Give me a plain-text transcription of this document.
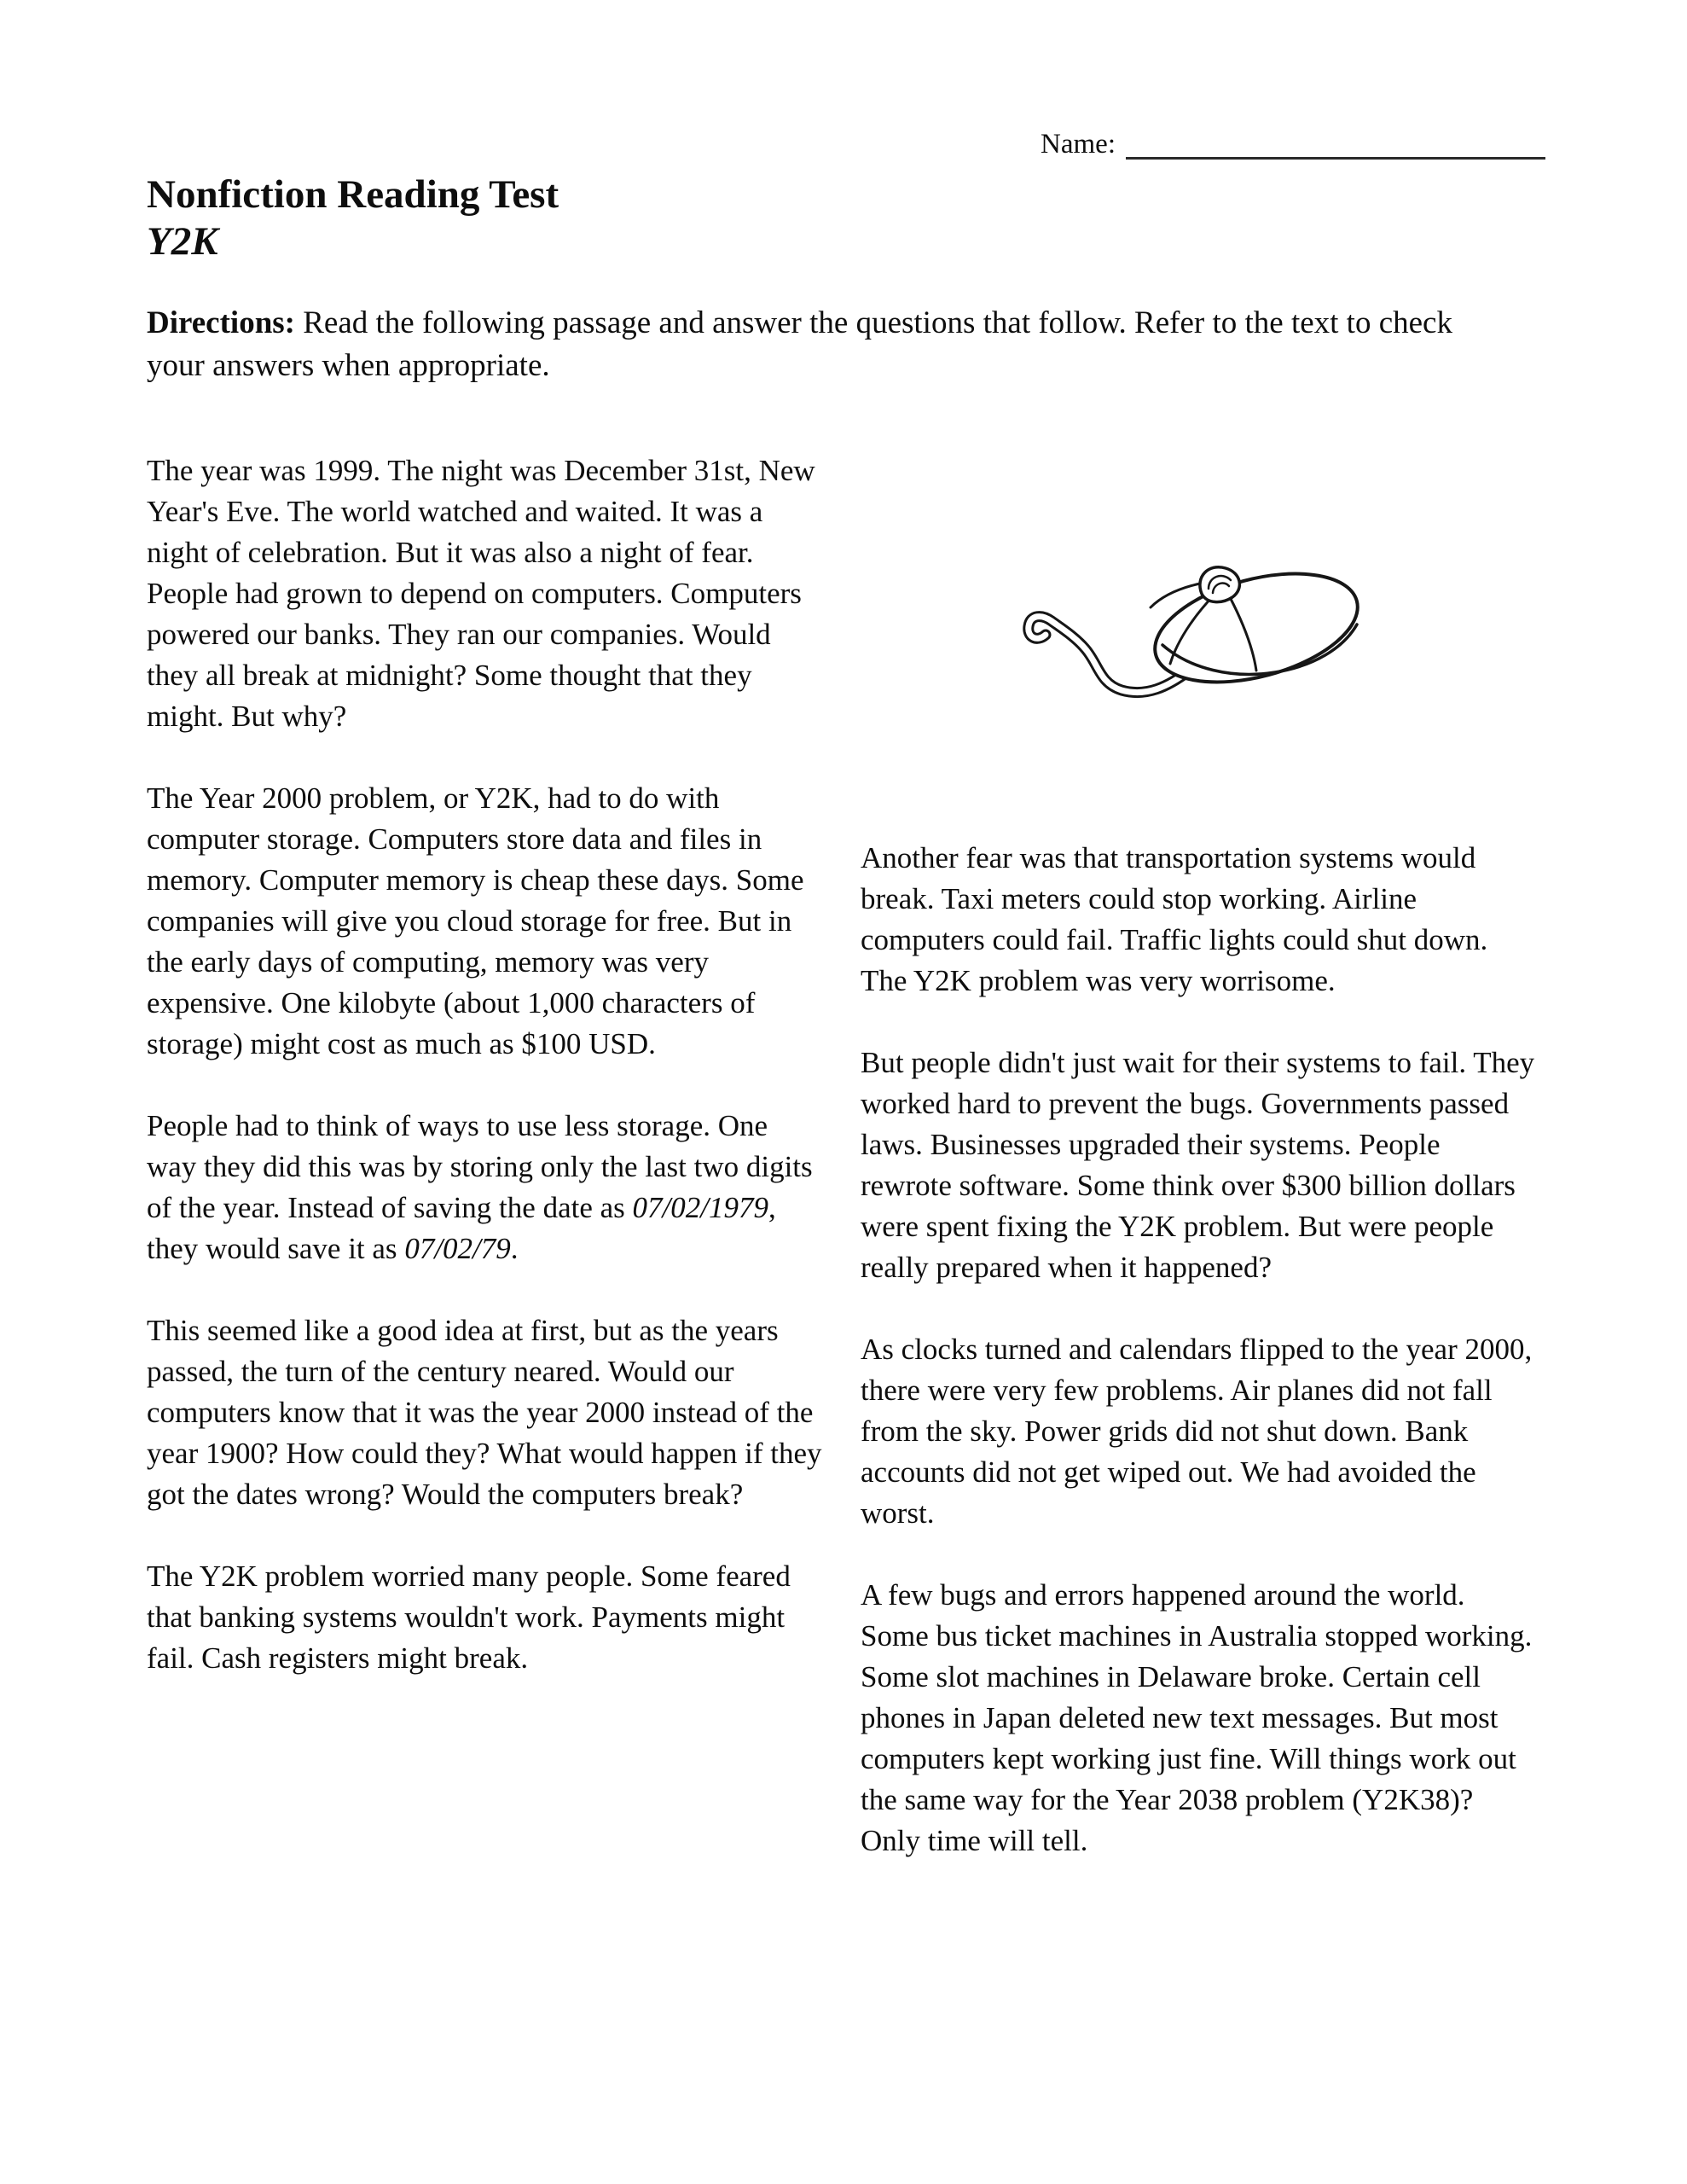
Name:
Nonfiction Reading Test
Y2K
Directions: Read the following passage and answer the questions that follow. Refer to the text to check your answers when appropriate.

The year was 1999. The night was December 31st, New Year's Eve. The world watched and waited. It was a night of celebration. But it was also a night of fear. People had grown to depend on computers. Computers powered our banks. They ran our companies. Would they all break at midnight? Some thought that they might. But why?

The Year 2000 problem, or Y2K, had to do with computer storage. Computers store data and files in memory. Computer memory is cheap these days. Some companies will give you cloud storage for free. But in the early days of computing, memory was very expensive. One kilobyte (about 1,000 characters of storage) might cost as much as $100 USD.

People had to think of ways to use less storage. One way they did this was by storing only the last two digits of the year. Instead of saving the date as 07/02/1979, they would save it as 07/02/79.

This seemed like a good idea at first, but as the years passed, the turn of the century neared. Would our computers know that it was the year 2000 instead of the year 1900? How could they? What would happen if they got the dates wrong? Would the computers break?

The Y2K problem worried many people. Some feared that banking systems wouldn't work. Payments might fail. Cash registers might break.

Another fear was that transportation systems would break. Taxi meters could stop working. Airline computers could fail. Traffic lights could shut down. The Y2K problem was very worrisome.

But people didn't just wait for their systems to fail. They worked hard to prevent the bugs. Governments passed laws. Businesses upgraded their systems. People rewrote software. Some think over $300 billion dollars were spent fixing the Y2K problem. But were people really prepared when it happened?

As clocks turned and calendars flipped to the year 2000, there were very few problems. Air planes did not fall from the sky. Power grids did not shut down. Bank accounts did not get wiped out. We had avoided the worst.

A few bugs and errors happened around the world. Some bus ticket machines in Australia stopped working. Some slot machines in Delaware broke. Certain cell phones in Japan deleted new text messages. But most computers kept working just fine. Will things work out the same way for the Year 2038 problem (Y2K38)? Only time will tell.
